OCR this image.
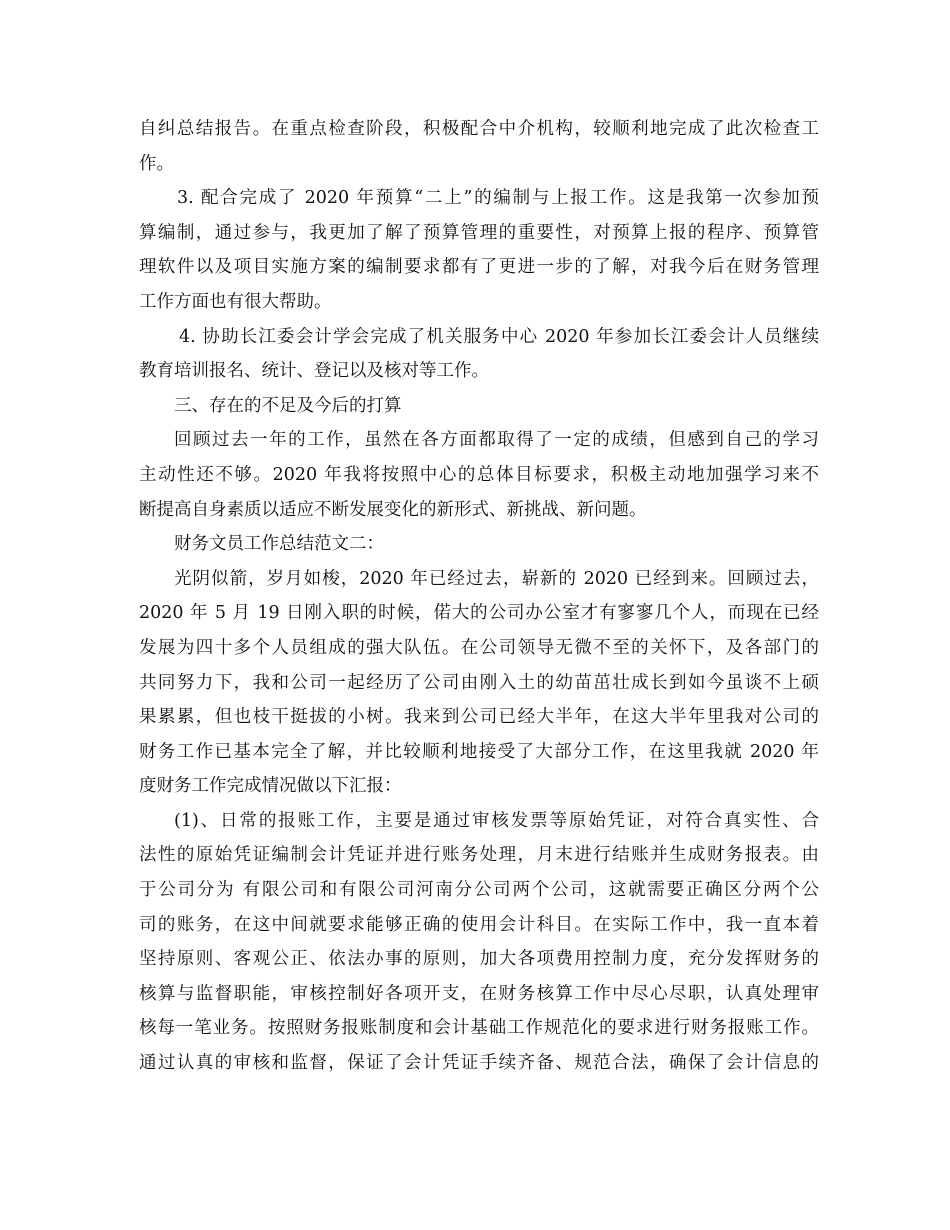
自纠总结报告。在重点检查阶段，积极配合中介机构，较顺利地完成了此次检查工
作。
3. 配合完成了 2020 年预算“二上”的编制与上报工作。这是我第一次参加预
算编制，通过参与，我更加了解了预算管理的重要性，对预算上报的程序、预算管
理软件以及项目实施方案的编制要求都有了更进一步的了解，对我今后在财务管理
工作方面也有很大帮助。
4. 协助长江委会计学会完成了机关服务中心 2020 年参加长江委会计人员继续
教育培训报名、统计、登记以及核对等工作。
三、存在的不足及今后的打算
回顾过去一年的工作，虽然在各方面都取得了一定的成绩，但感到自己的学习
主动性还不够。2020 年我将按照中心的总体目标要求，积极主动地加强学习来不
断提高自身素质以适应不断发展变化的新形式、新挑战、新问题。
财务文员工作总结范文二：
光阴似箭，岁月如梭，2020 年已经过去，崭新的 2020 已经到来。回顾过去，
2020 年 5 月 19 日刚入职的时候，偌大的公司办公室才有寥寥几个人，而现在已经
发展为四十多个人员组成的强大队伍。在公司领导无微不至的关怀下，及各部门的
共同努力下，我和公司一起经历了公司由刚入土的幼苗茁壮成长到如今虽谈不上硕
果累累，但也枝干挺拔的小树。我来到公司已经大半年，在这大半年里我对公司的
财务工作已基本完全了解，并比较顺利地接受了大部分工作，在这里我就 2020 年
度财务工作完成情况做以下汇报：
(1)、日常的报账工作，主要是通过审核发票等原始凭证，对符合真实性、合
法性的原始凭证编制会计凭证并进行账务处理，月末进行结账并生成财务报表。由
于公司分为 有限公司和有限公司河南分公司两个公司，这就需要正确区分两个公
司的账务，在这中间就要求能够正确的使用会计科目。在实际工作中，我一直本着
坚持原则、客观公正、依法办事的原则，加大各项费用控制力度，充分发挥财务的
核算与监督职能，审核控制好各项开支，在财务核算工作中尽心尽职，认真处理审
核每一笔业务。按照财务报账制度和会计基础工作规范化的要求进行财务报账工作。
通过认真的审核和监督，保证了会计凭证手续齐备、规范合法，确保了会计信息的
